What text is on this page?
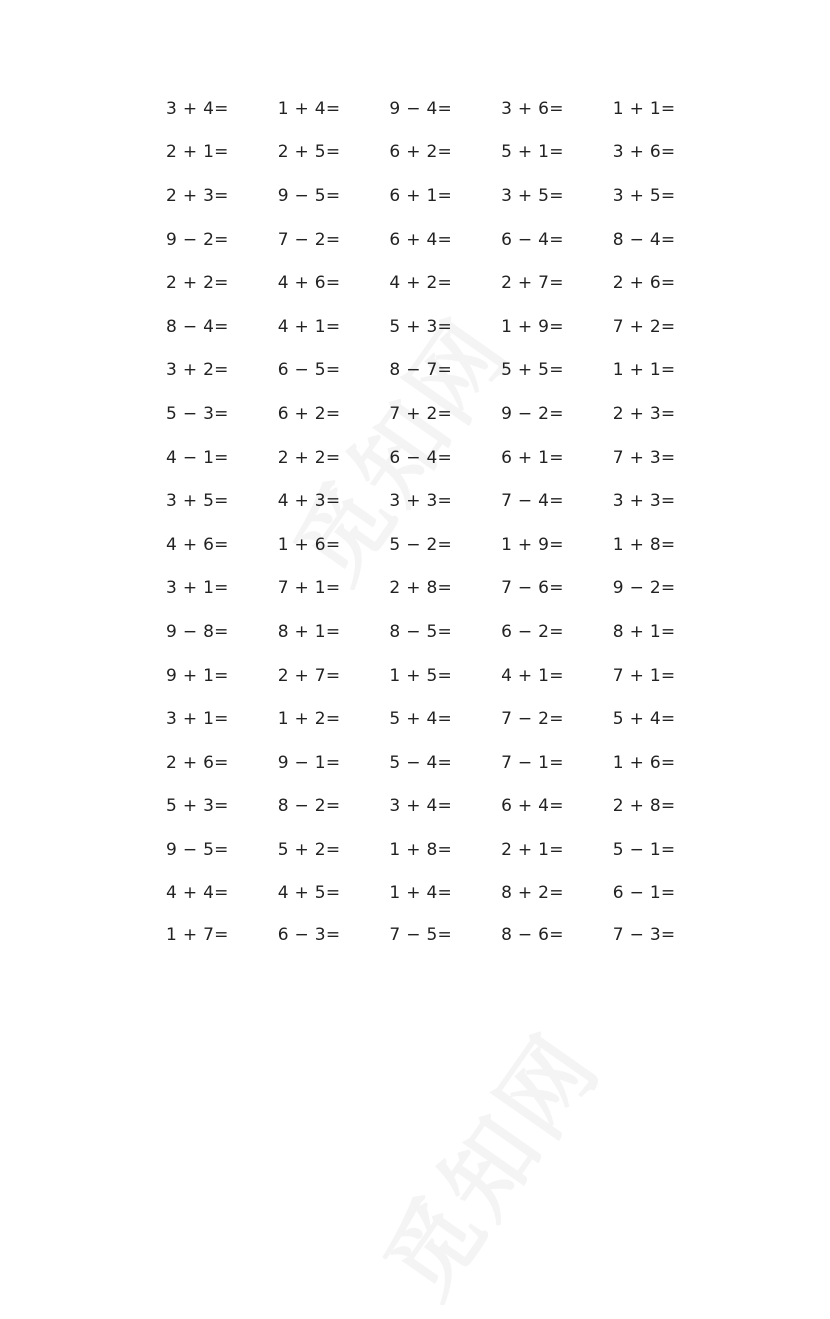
3 + 4=	1 + 4=	9 − 4=	3 + 6=	1 + 1=
2 + 1=	2 + 5=	6 + 2=	5 + 1=	3 + 6=
2 + 3=	9 − 5=	6 + 1=	3 + 5=	3 + 5=
9 − 2=	7 − 2=	6 + 4=	6 − 4=	8 − 4=
2 + 2=	4 + 6=	4 + 2=	2 + 7=	2 + 6=
8 − 4=	4 + 1=	5 + 3=	1 + 9=	7 + 2=
3 + 2=	6 − 5=	8 − 7=	5 + 5=	1 + 1=
5 − 3=	6 + 2=	7 + 2=	9 − 2=	2 + 3=
4 − 1=	2 + 2=	6 − 4=	6 + 1=	7 + 3=
3 + 5=	4 + 3=	3 + 3=	7 − 4=	3 + 3=
4 + 6=	1 + 6=	5 − 2=	1 + 9=	1 + 8=
3 + 1=	7 + 1=	2 + 8=	7 − 6=	9 − 2=
9 − 8=	8 + 1=	8 − 5=	6 − 2=	8 + 1=
9 + 1=	2 + 7=	1 + 5=	4 + 1=	7 + 1=
3 + 1=	1 + 2=	5 + 4=	7 − 2=	5 + 4=
2 + 6=	9 − 1=	5 − 4=	7 − 1=	1 + 6=
5 + 3=	8 − 2=	3 + 4=	6 + 4=	2 + 8=
9 − 5=	5 + 2=	1 + 8=	2 + 1=	5 − 1=
4 + 4=	4 + 5=	1 + 4=	8 + 2=	6 − 1=
1 + 7=	6 − 3=	7 − 5=	8 − 6=	7 − 3=
